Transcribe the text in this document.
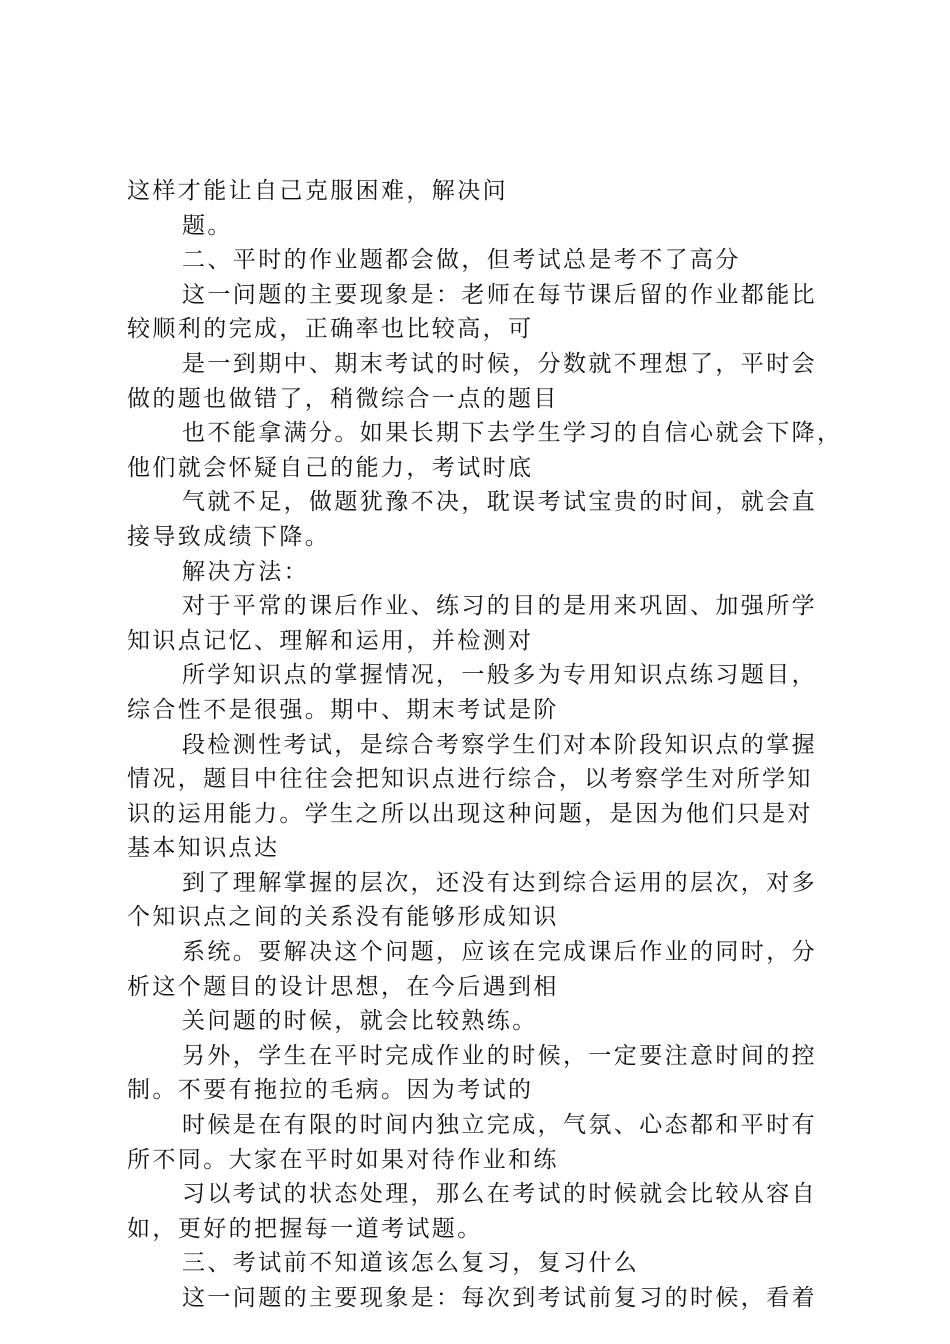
这样才能让自己克服困难，解决问
题。
二、平时的作业题都会做，但考试总是考不了高分
这一问题的主要现象是：老师在每节课后留的作业都能比
较顺利的完成，正确率也比较高，可
是一到期中、期末考试的时候，分数就不理想了，平时会
做的题也做错了，稍微综合一点的题目
也不能拿满分。如果长期下去学生学习的自信心就会下降，
他们就会怀疑自己的能力，考试时底
气就不足，做题犹豫不决，耽误考试宝贵的时间，就会直
接导致成绩下降。
解决方法：
对于平常的课后作业、练习的目的是用来巩固、加强所学
知识点记忆、理解和运用，并检测对
所学知识点的掌握情况，一般多为专用知识点练习题目，
综合性不是很强。期中、期末考试是阶
段检测性考试，是综合考察学生们对本阶段知识点的掌握
情况，题目中往往会把知识点进行综合，以考察学生对所学知
识的运用能力。学生之所以出现这种问题，是因为他们只是对
基本知识点达
到了理解掌握的层次，还没有达到综合运用的层次，对多
个知识点之间的关系没有能够形成知识
系统。要解决这个问题，应该在完成课后作业的同时，分
析这个题目的设计思想，在今后遇到相
关问题的时候，就会比较熟练。
另外，学生在平时完成作业的时候，一定要注意时间的控
制。不要有拖拉的毛病。因为考试的
时候是在有限的时间内独立完成，气氛、心态都和平时有
所不同。大家在平时如果对待作业和练
习以考试的状态处理，那么在考试的时候就会比较从容自
如，更好的把握每一道考试题。
三、考试前不知道该怎么复习，复习什么
这一问题的主要现象是：每次到考试前复习的时候，看着
